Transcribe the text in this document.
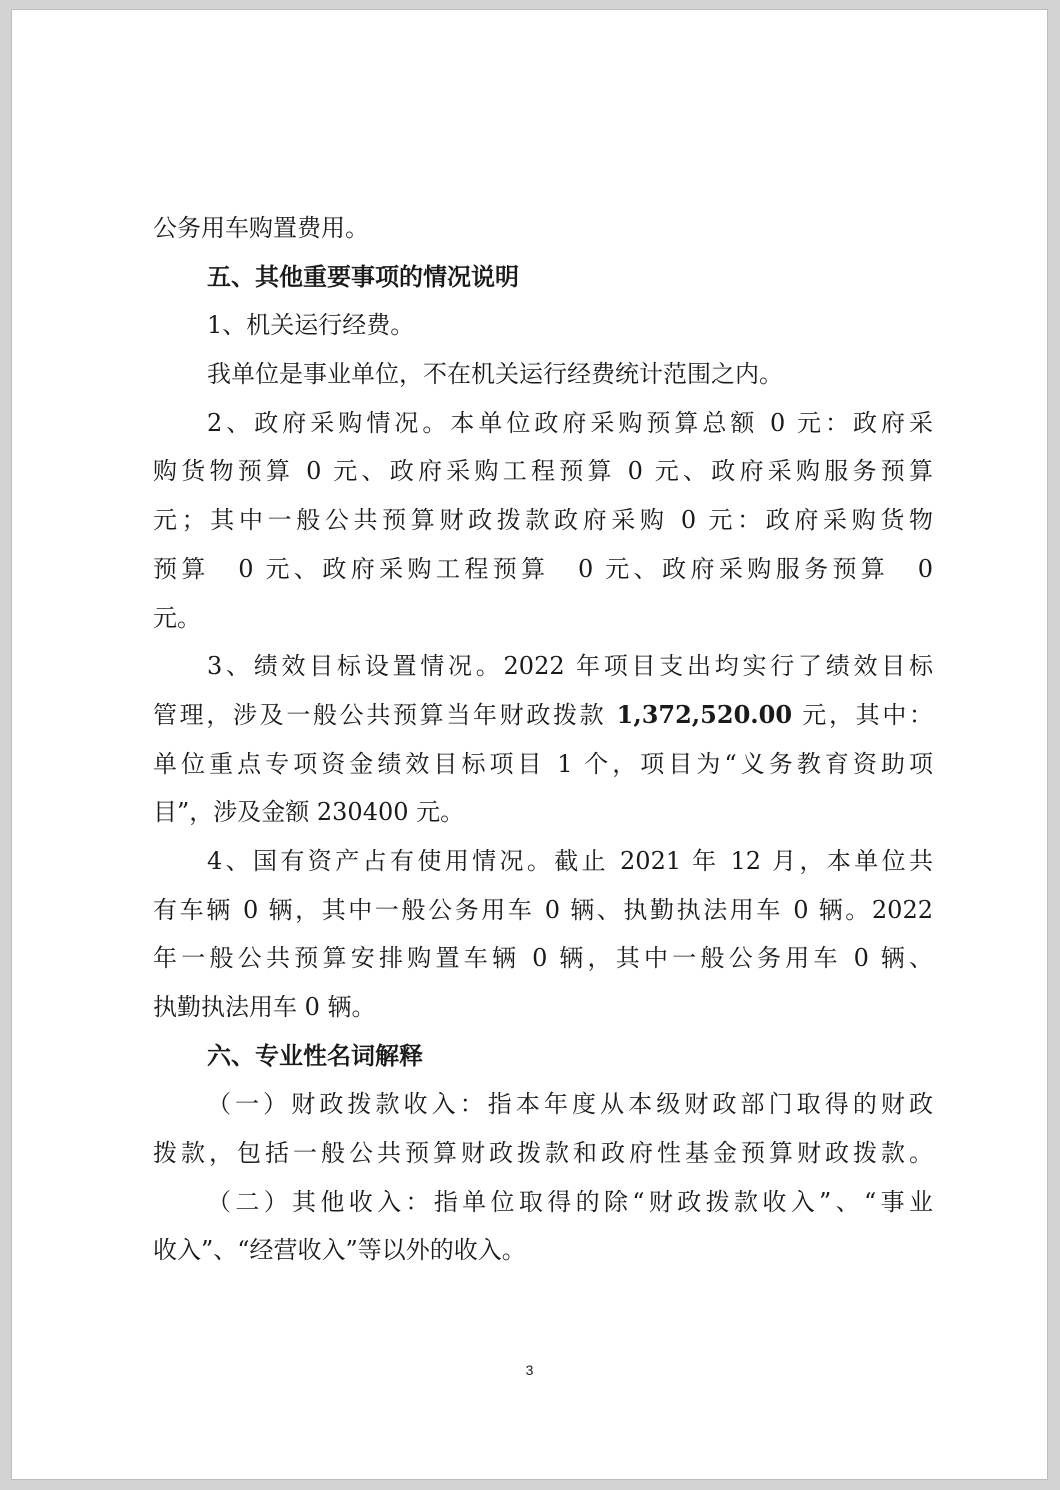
公务用车购置费用。
五、其他重要事项的情况说明
1、机关运行经费。
我单位是事业单位，不在机关运行经费统计范围之内。
2、政府采购情况。本单位政府采购预算总额 0 元：政府采
购货物预算 0 元、政府采购工程预算 0 元、政府采购服务预算
元；其中一般公共预算财政拨款政府采购 0 元：政府采购货物
预算　0 元、政府采购工程预算　0 元、政府采购服务预算　0
元。
3、绩效目标设置情况。2022 年项目支出均实行了绩效目标
管理，涉及一般公共预算当年财政拨款 1,372,520.00 元，其中：
单位重点专项资金绩效目标项目 1 个，项目为“义务教育资助项
目”，涉及金额 230400 元。
4、国有资产占有使用情况。截止 2021 年 12 月，本单位共
有车辆 0 辆，其中一般公务用车 0 辆、执勤执法用车 0 辆。2022
年一般公共预算安排购置车辆 0 辆，其中一般公务用车 0 辆、
执勤执法用车 0 辆。
六、专业性名词解释
（一）财政拨款收入：指本年度从本级财政部门取得的财政
拨款，包括一般公共预算财政拨款和政府性基金预算财政拨款。
（二）其他收入：指单位取得的除“财政拨款收入”、“事业
收入”、“经营收入”等以外的收入。
3
